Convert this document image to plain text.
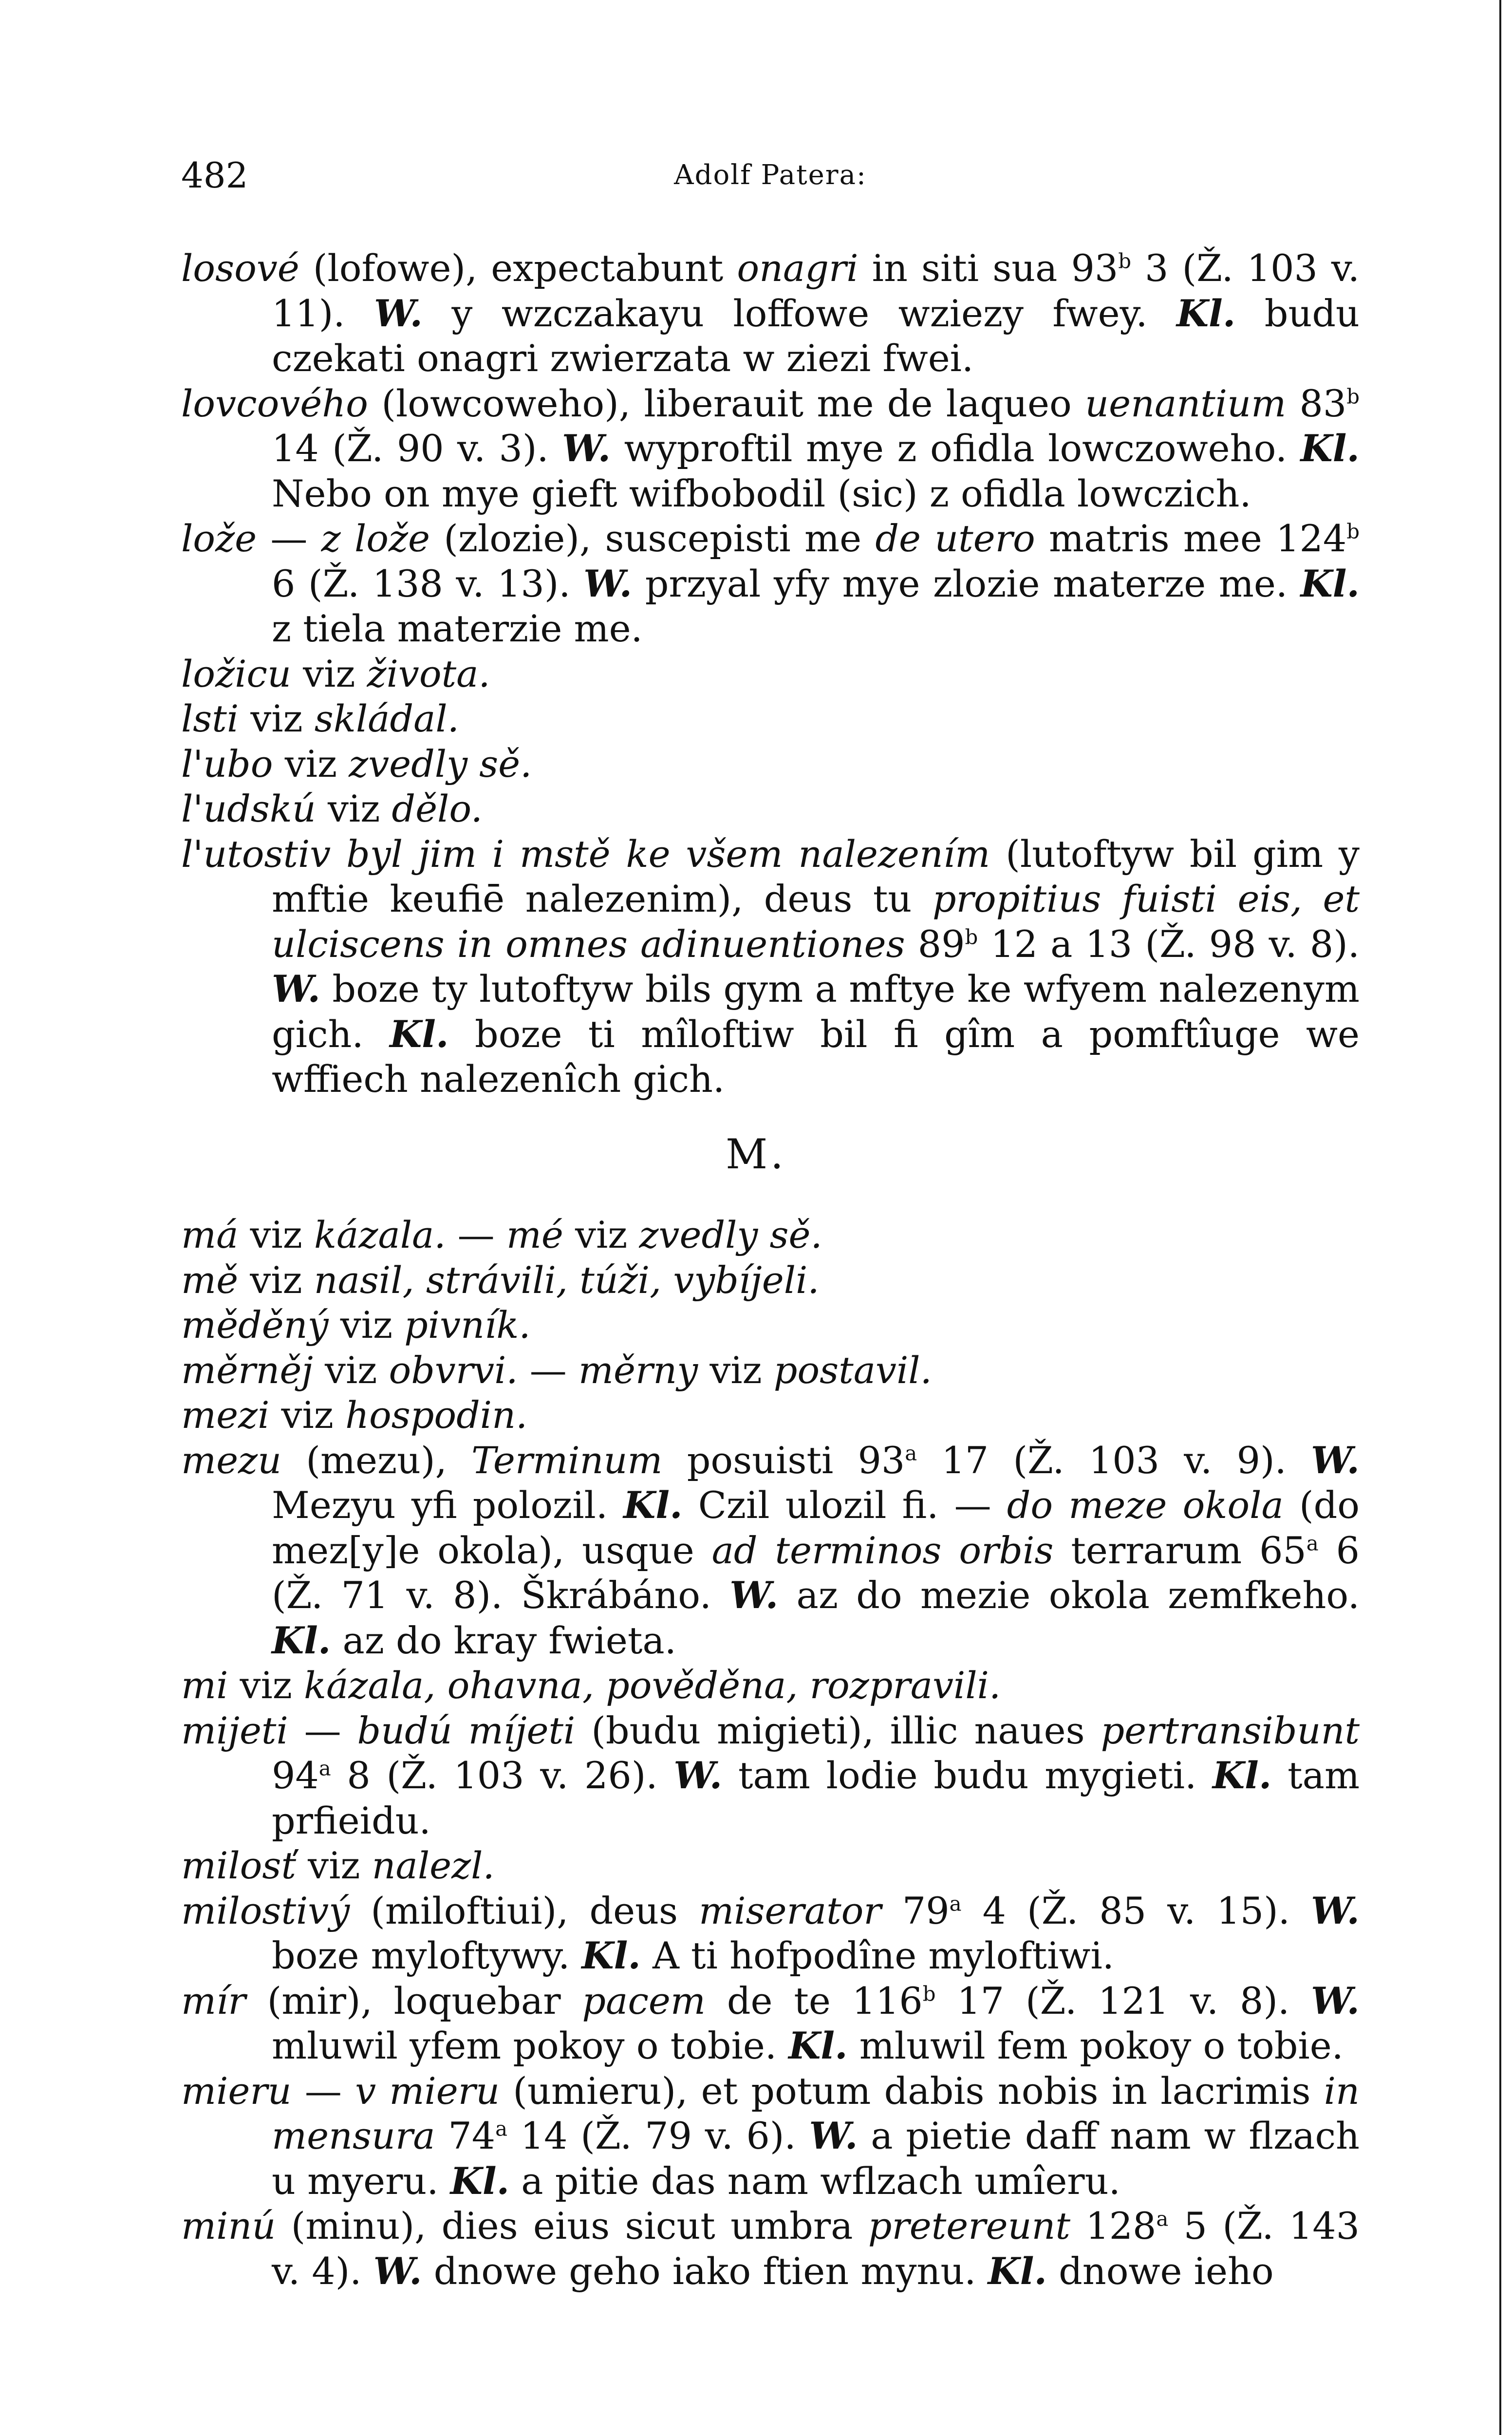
482	Adolf Patera:
losové (lofowe), expectabunt onagri in siti sua 93$^b$ 3 (Ž. 103 v. 11). W. y wzczakayu loffowe wziezy fwey. Kl. budu czekati onagri zwierzata w ziezi fwei.
lovcového (lowcoweho), liberauit me de laqueo uenantium 83$^b$ 14 (Ž. 90 v. 3). W. wyproftil mye z ofidla lowczoweho. Kl. Nebo on mye gieft wifbobodil (sic) z ofidla lowczich.
lože — z lože (zlozie), suscepisti me de utero matris mee 124$^b$ 6 (Ž. 138 v. 13). W. przyal yfy mye zlozie materze me. Kl. z tiela materzie me.
ložicu viz života.
lsti viz skládal.
l'ubo viz zvedly sě.
l'udskú viz dělo.
l'utostiv byl jim i mstě ke všem nalezením (lutoftyw bil gim y mftie keufiē nalezenim), deus tu propitius fuisti eis, et ulciscens in omnes adinuentiones 89$^b$ 12 a 13 (Ž. 98 v. 8). W. boze ty lutoftyw bils gym a mftye ke wfyem nalezenym gich. Kl. boze ti mîloftiw bil fi gîm a pomftîuge we wffiech nalezenîch gich.
M.
má viz kázala. — mé viz zvedly sě.
mě viz nasil, strávili, túži, vybíjeli.
měděný viz pivník.
měrněj viz obvrvi. — měrny viz postavil.
mezi viz hospodin.
mezu (mezu), Terminum posuisti 93$^a$ 17 (Ž. 103 v. 9). W. Mezyu yfi polozil. Kl. Czil ulozil fi. — do meze okola (do mez[y]e okola), usque ad terminos orbis terrarum 65$^a$ 6 (Ž. 71 v. 8). Škrábáno. W. az do mezie okola zemfkeho. Kl. az do kray fwieta.
mi viz kázala, ohavna, pověděna, rozpravili.
mijeti — budú míjeti (budu migieti), illic naues pertransibunt 94$^a$ 8 (Ž. 103 v. 26). W. tam lodie budu mygieti. Kl. tam prfieidu.
milosť viz nalezl.
milostivý (miloftiui), deus miserator 79$^a$ 4 (Ž. 85 v. 15). W. boze myloftywy. Kl. A ti hofpodîne myloftiwi.
mír (mir), loquebar pacem de te 116$^b$ 17 (Ž. 121 v. 8). W. mluwil yfem pokoy o tobie. Kl. mluwil fem pokoy o tobie.
mieru — v mieru (umieru), et potum dabis nobis in lacrimis in mensura 74$^a$ 14 (Ž. 79 v. 6). W. a pietie daff nam w flzach u myeru. Kl. a pitie das nam wflzach umîeru.
minú (minu), dies eius sicut umbra pretereunt 128$^a$ 5 (Ž. 143 v. 4). W. dnowe geho iako ftien mynu. Kl. dnowe ieho
